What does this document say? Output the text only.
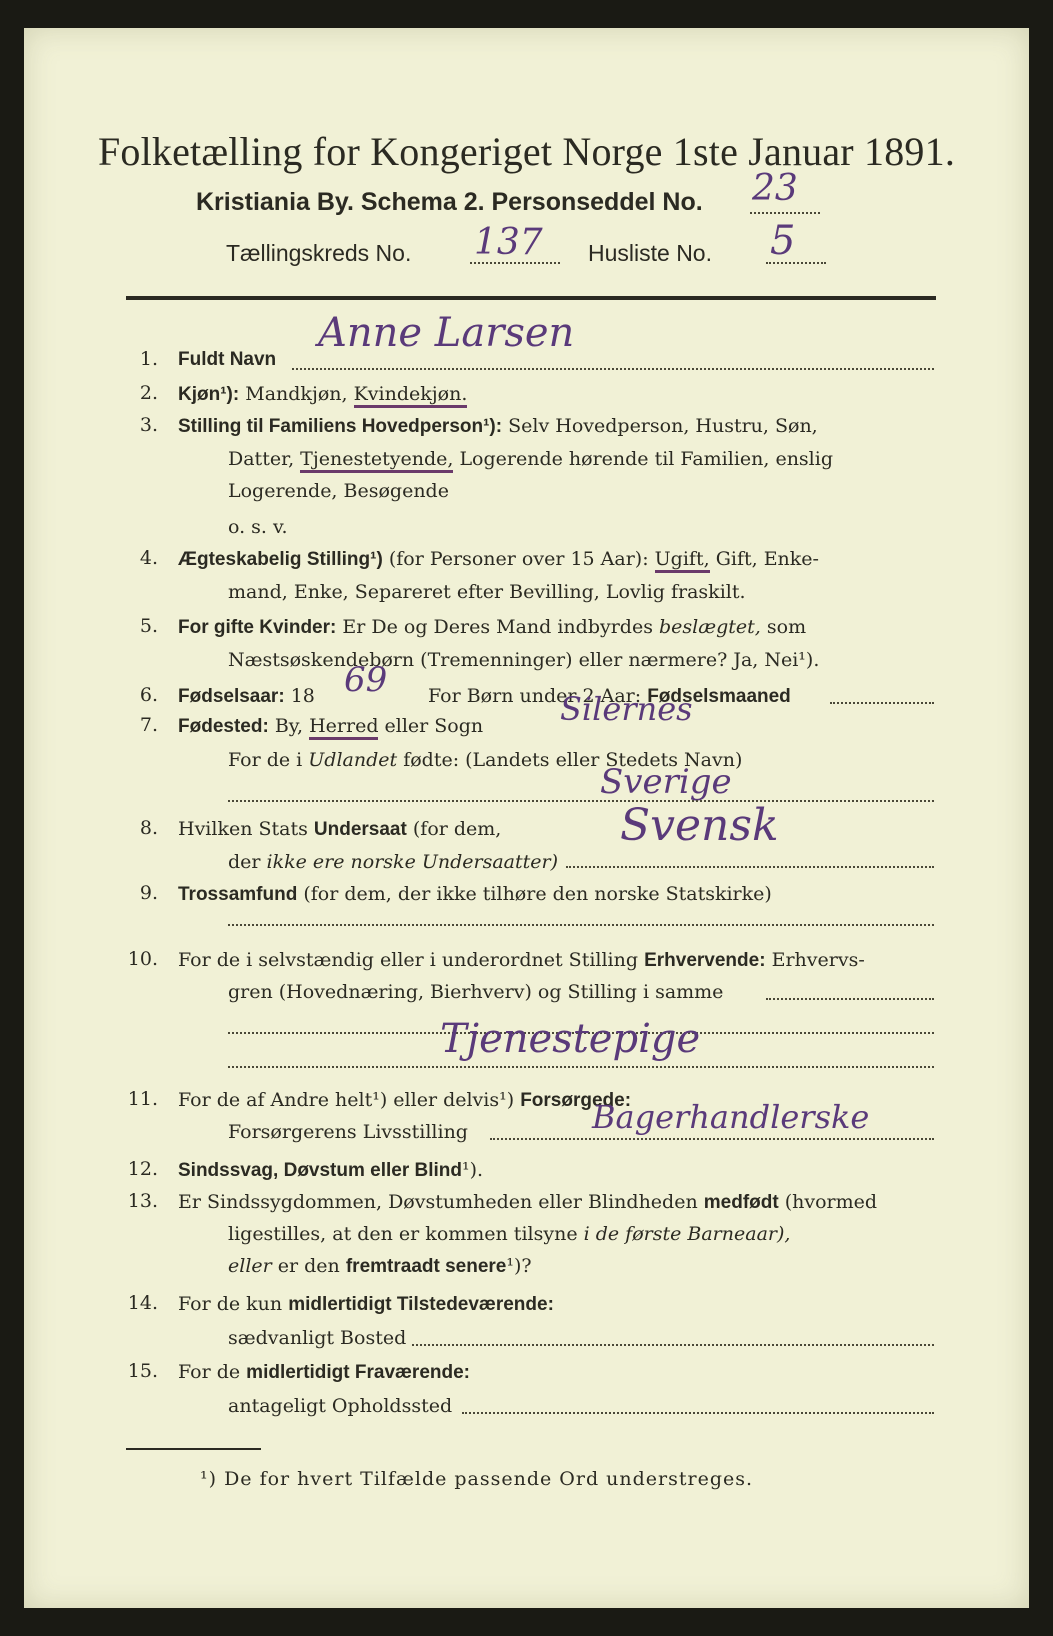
Folketælling for Kongeriget Norge 1ste Januar 1891.
Kristiania By. Schema 2. Personseddel No. 23
Tællingskreds No. 137 Husliste No. 5
1. Fuldt Navn
Anne Larsen
2. Kjøn¹): Mandkjøn, Kvindekjøn.
3. Stilling til Familiens Hovedperson¹): Selv Hovedperson, Hustru, Søn,
Datter, Tjenestetyende, Logerende hørende til Familien, enslig
Logerende, Besøgende
o. s. v.
4. Ægteskabelig Stilling¹) (for Personer over 15 Aar): Ugift, Gift, Enke-
mand, Enke, Separeret efter Bevilling, Lovlig fraskilt.
5. For gifte Kvinder: Er De og Deres Mand indbyrdes beslægtet, som
Næstsøskendebørn (Tremenninger) eller nærmere? Ja, Nei¹).
6. Fødselsaar: 18 69 For Børn under 2 Aar: Fødselsmaaned
7. Fødested: By, Herred eller Sogn Silernes
For de i Udlandet fødte: (Landets eller Stedets Navn)
Sverige
8. Hvilken Stats Undersaat (for dem,
der ikke ere norske Undersaatter)
Svensk
9. Trossamfund (for dem, der ikke tilhøre den norske Statskirke)
10. For de i selvstændig eller i underordnet Stilling Erhvervende: Erhvervs-
gren (Hovednæring, Bierhverv) og Stilling i samme
Tjenestepige
11. For de af Andre helt¹) eller delvis¹) Forsørgede:
Forsørgerens Livsstilling	Bagerhandlerske
12. Sindssvag, Døvstum eller Blind¹).
13. Er Sindssygdommen, Døvstumheden eller Blindheden medfødt (hvormed
ligestilles, at den er kommen tilsyne i de første Barneaar),
eller er den fremtraadt senere¹)?
14. For de kun midlertidigt Tilstedeværende:
sædvanligt Bosted
15. For de midlertidigt Fraværende:
antageligt Opholdssted
¹) De for hvert Tilfælde passende Ord understreges.
